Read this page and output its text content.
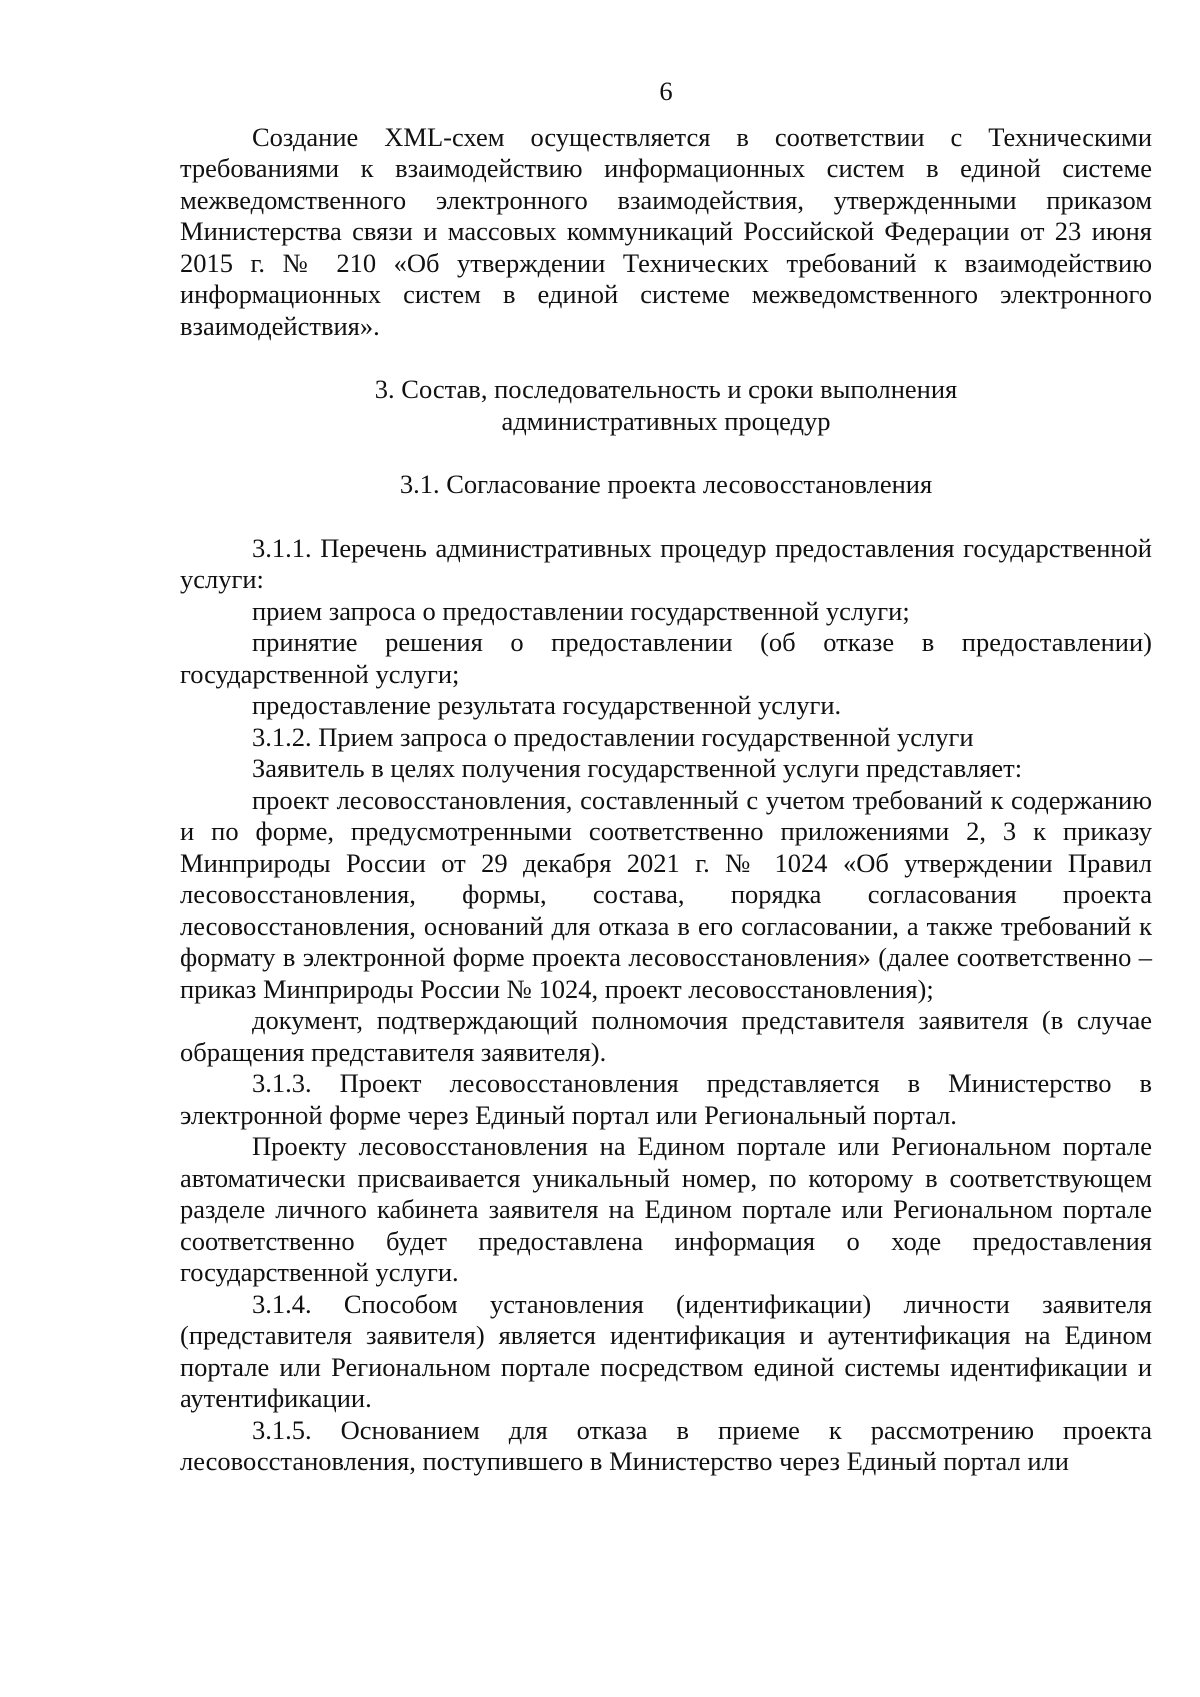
6

Создание XML-схем осуществляется в соответствии с Техническими требованиями к взаимодействию информационных систем в единой системе межведомственного электронного взаимодействия, утвержденными приказом Министерства связи и массовых коммуникаций Российской Федерации от 23 июня 2015 г. № 210 «Об утверждении Технических требований к взаимодействию информационных систем в единой системе межведомственного электронного взаимодействия».

3. Состав, последовательность и сроки выполнения
административных процедур
3.1. Согласование проекта лесовосстановления

3.1.1. Перечень административных процедур предоставления государственной услуги:

прием запроса о предоставлении государственной услуги;

принятие решения о предоставлении (об отказе в предоставлении) государственной услуги;

предоставление результата государственной услуги.

3.1.2. Прием запроса о предоставлении государственной услуги

Заявитель в целях получения государственной услуги представляет:

проект лесовосстановления, составленный с учетом требований к содержанию и по форме, предусмотренными соответственно приложениями 2, 3 к приказу Минприроды России от 29 декабря 2021 г. № 1024 «Об утверждении Правил лесовосстановления, формы, состава, порядка согласования проекта лесовосстановления, оснований для отказа в его согласовании, а также требований к формату в электронной форме проекта лесовосстановления» (далее соответственно – приказ Минприроды России № 1024, проект лесовосстановления);

документ, подтверждающий полномочия представителя заявителя (в случае обращения представителя заявителя).

3.1.3. Проект лесовосстановления представляется в Министерство в электронной форме через Единый портал или Региональный портал.

Проекту лесовосстановления на Едином портале или Региональном портале автоматически присваивается уникальный номер, по которому в соответствующем разделе личного кабинета заявителя на Едином портале или Региональном портале соответственно будет предоставлена информация о ходе предоставления государственной услуги.

3.1.4. Способом установления (идентификации) личности заявителя (представителя заявителя) является идентификация и аутентификация на Едином портале или Региональном портале посредством единой системы идентификации и аутентификации.

3.1.5. Основанием для отказа в приеме к рассмотрению проекта лесовосстановления, поступившего в Министерство через Единый портал или
